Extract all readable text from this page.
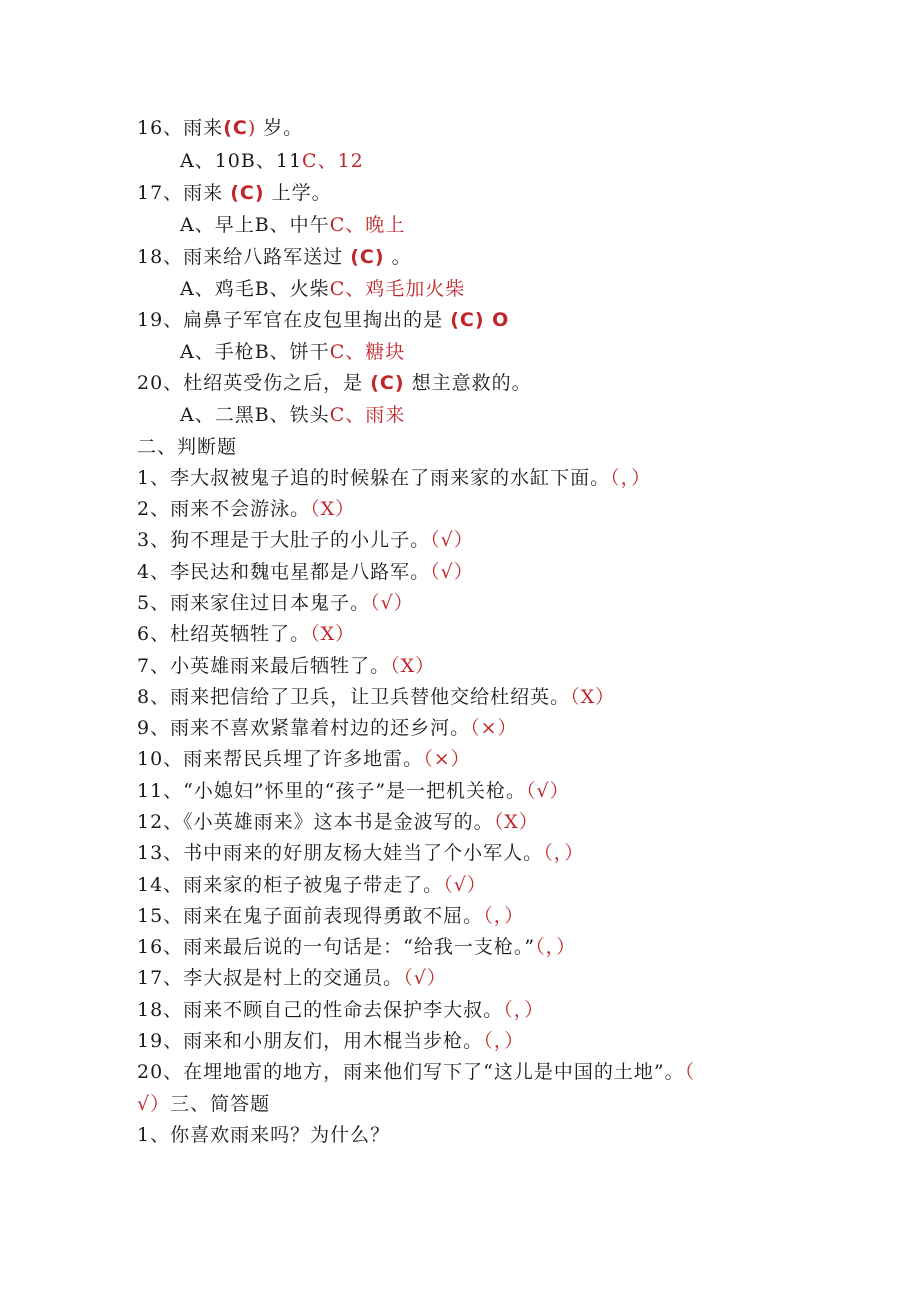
16、雨来(C) 岁。
A、10B、11C、12
17、雨来 (C) 上学。
A、早上B、中午C、晚上
18、雨来给八路军送过 (C) 。
A、鸡毛B、火柴C、鸡毛加火柴
19、扁鼻子军官在皮包里掏出的是 (C) O
A、手枪B、饼干C、糖块
20、杜绍英受伤之后，是 (C) 想主意救的。
A、二黑B、铁头C、雨来
二、判断题
1、李大叔被鬼子追的时候躲在了雨来家的水缸下面。（，）
2、雨来不会游泳。（X）
3、狗不理是于大肚子的小儿子。（√）
4、李民达和魏屯星都是八路军。（√）
5、雨来家住过日本鬼子。（√）
6、杜绍英牺牲了。（X）
7、小英雄雨来最后牺牲了。（X）
8、雨来把信给了卫兵，让卫兵替他交给杜绍英。（X）
9、雨来不喜欢紧靠着村边的还乡河。（×）
10、雨来帮民兵埋了许多地雷。（×）
11、“小媳妇”怀里的“孩子”是一把机关枪。（√）
12、《小英雄雨来》这本书是金波写的。（X）
13、书中雨来的好朋友杨大娃当了个小军人。（，）
14、雨来家的柜子被鬼子带走了。（√）
15、雨来在鬼子面前表现得勇敢不屈。（，）
16、雨来最后说的一句话是：“给我一支枪。”（，）
17、李大叔是村上的交通员。（√）
18、雨来不顾自己的性命去保护李大叔。（，）
19、雨来和小朋友们，用木棍当步枪。（，）
20、在埋地雷的地方，雨来他们写下了“这儿是中国的土地”。（
√）三、简答题
1、你喜欢雨来吗？为什么？
